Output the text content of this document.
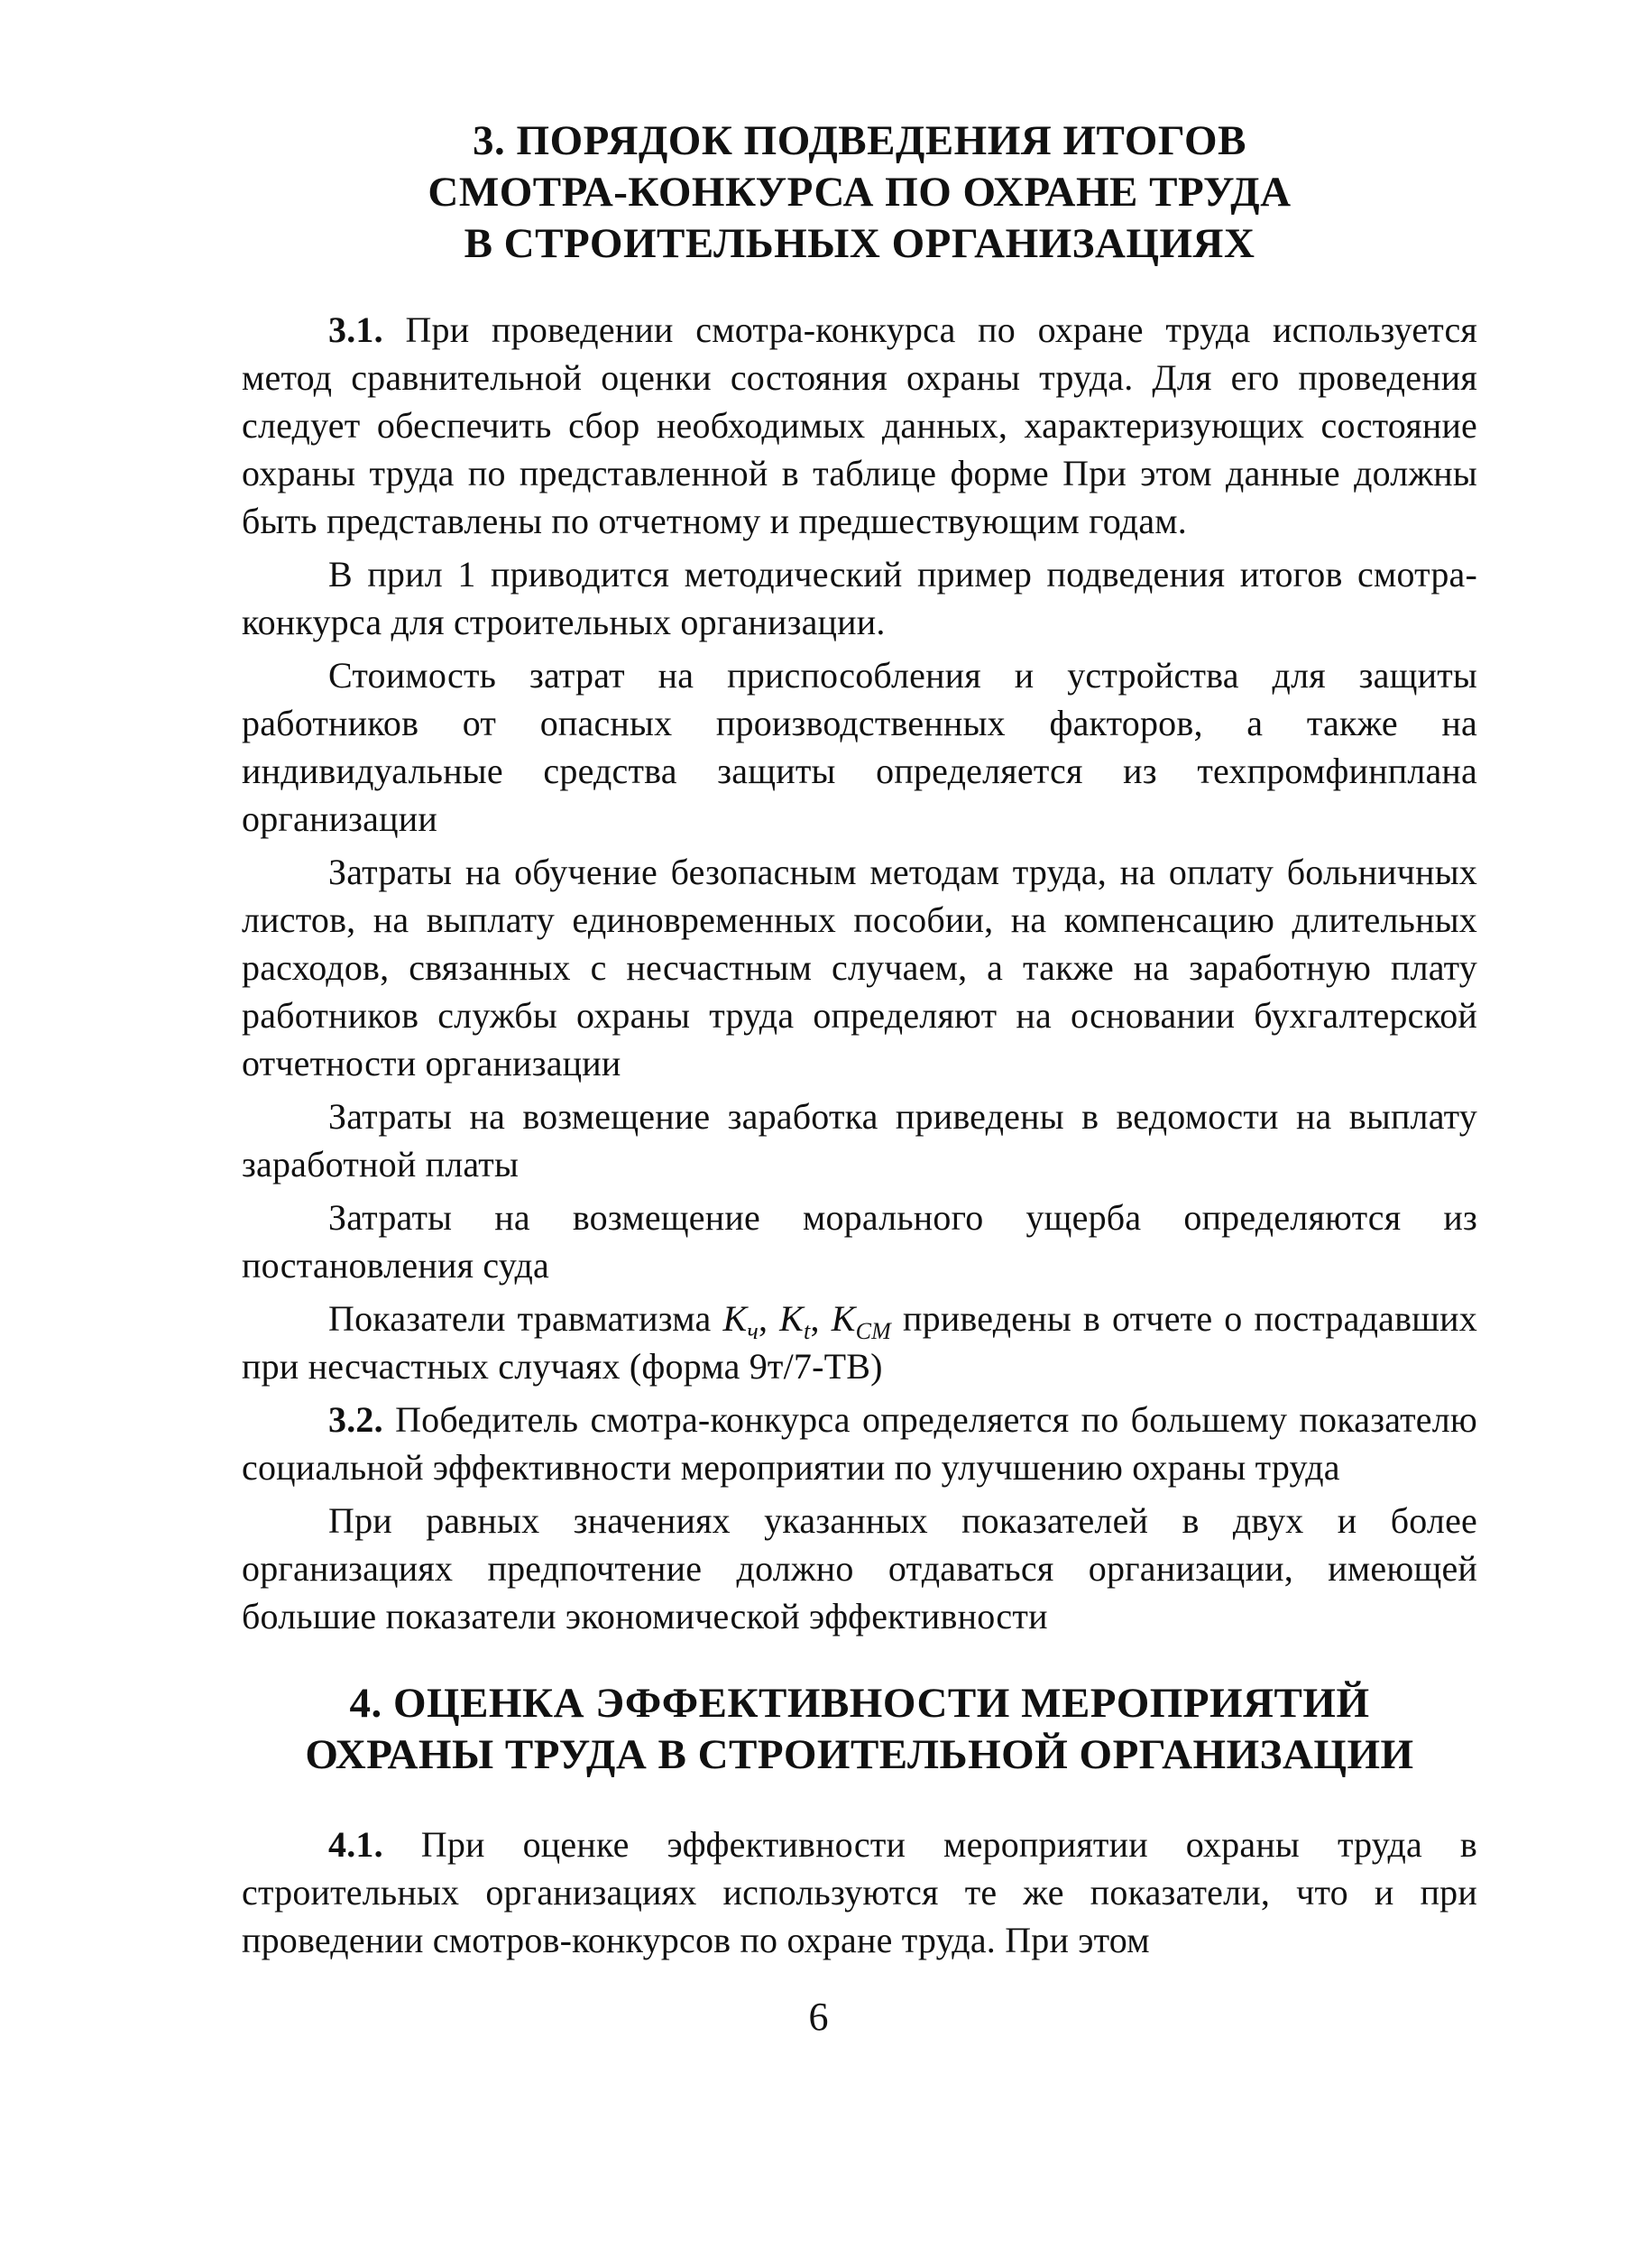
3. ПОРЯДОК ПОДВЕДЕНИЯ ИТОГОВ
СМОТРА-КОНКУРСА ПО ОХРАНЕ ТРУДА
В СТРОИТЕЛЬНЫХ ОРГАНИЗАЦИЯХ

3.1. При проведении смотра-конкурса по охране труда используется метод сравнительной оценки состояния охраны труда. Для его проведения следует обеспечить сбор необходимых данных, характеризующих состояние охраны труда по представленной в таблице форме При этом данные должны быть представлены по отчетному и предшествующим годам.

В прил 1 приводится методический пример подведения итогов смотра-конкурса для строительных организации.

Стоимость затрат на приспособления и устройства для защиты работников от опасных производственных факторов, а также на индивидуальные средства защиты определяется из техпромфинплана организации

Затраты на обучение безопасным методам труда, на оплату больничных листов, на выплату единовременных пособии, на компенсацию длительных расходов, связанных с несчастным случаем, а также на заработную плату работников службы охраны труда определяют на основании бухгалтерской отчетности организации

Затраты на возмещение заработка приведены в ведомости на выплату заработной платы

Затраты на возмещение морального ущерба определяются из постановления суда

Показатели травматизма $K_ч$, $K_t$, $K_{CM}$ приведены в отчете о пострадавших при несчастных случаях (форма 9т/7-ТВ)

3.2. Победитель смотра-конкурса определяется по большему показателю социальной эффективности мероприятии по улучшению охраны труда

При равных значениях указанных показателей в двух и более организациях предпочтение должно отдаваться организации, имеющей большие показатели экономической эффективности

4. ОЦЕНКА ЭФФЕКТИВНОСТИ МЕРОПРИЯТИЙ
ОХРАНЫ ТРУДА В СТРОИТЕЛЬНОЙ ОРГАНИЗАЦИИ

4.1. При оценке эффективности мероприятии охраны труда в строительных организациях используются те же показатели, что и при проведении смотров-конкурсов по охране труда. При этом

6
